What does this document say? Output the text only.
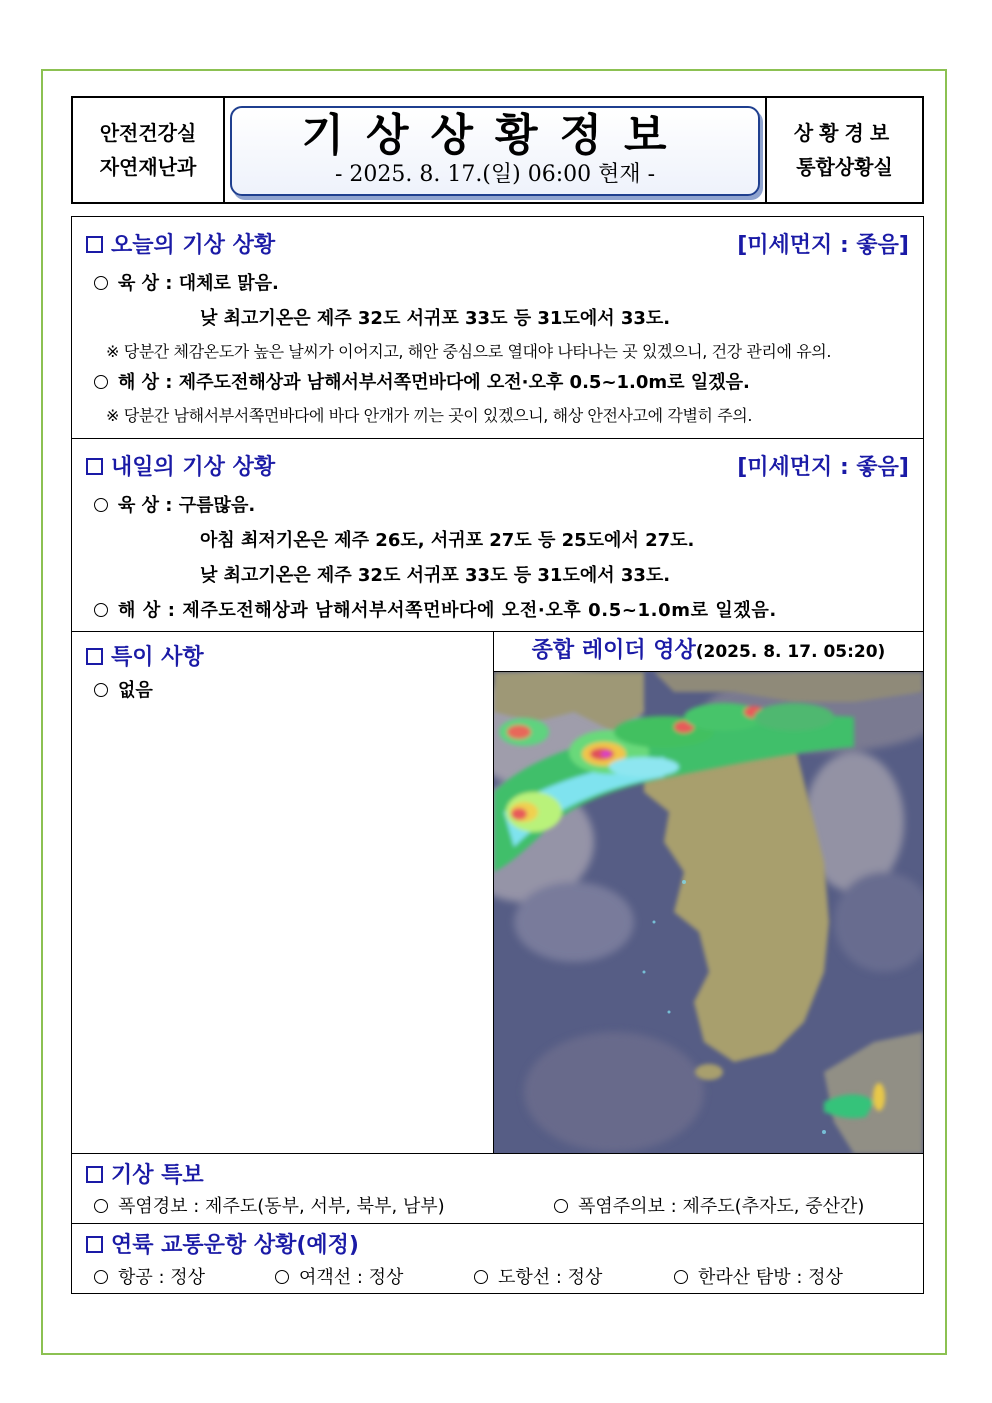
안전건강실
자연재난과
기상상황정보
- 2025. 8. 17.(일) 06:00 현재 -
상황경보
통합상황실
오늘의 기상 상황	[미세먼지 : 좋음]
육 상 : 대체로 맑음.
낮 최고기온은 제주 32도 서귀포 33도 등 31도에서 33도.
※ 당분간 체감온도가 높은 날씨가 이어지고, 해안 중심으로 열대야 나타나는 곳 있겠으니, 건강 관리에 유의.
해 상 : 제주도전해상과 남해서부서쪽먼바다에 오전·오후 0.5~1.0m로 일겠음.
※ 당분간 남해서부서쪽먼바다에 바다 안개가 끼는 곳이 있겠으니, 해상 안전사고에 각별히 주의.
내일의 기상 상황	[미세먼지 : 좋음]
육 상 : 구름많음.
아침 최저기온은 제주 26도, 서귀포 27도 등 25도에서 27도.
낮 최고기온은 제주 32도 서귀포 33도 등 31도에서 33도.
해 상 : 제주도전해상과 남해서부서쪽먼바다에 오전·오후 0.5~1.0m로 일겠음.
특이 사항
없음
종합 레이더 영상(2025. 8. 17. 05:20)
기상 특보
폭염경보 : 제주도(동부, 서부, 북부, 남부)	폭염주의보 : 제주도(추자도, 중산간)
연륙 교통운항 상황(예정)
항공 : 정상	여객선 : 정상	도항선 : 정상	한라산 탐방 : 정상
